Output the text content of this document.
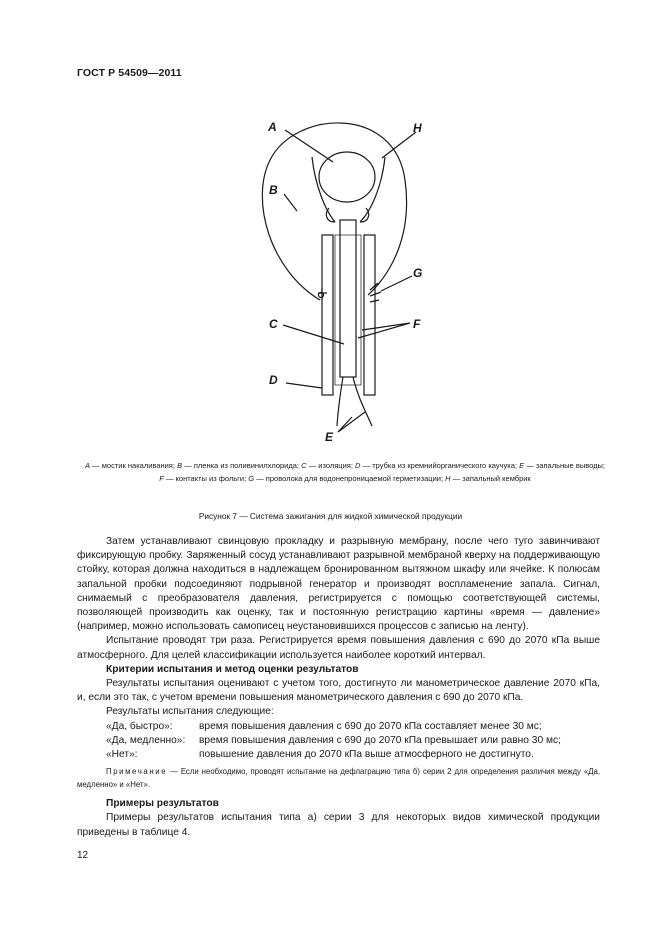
ГОСТ Р 54509—2011
A	H
B
G
C	F
D
E
A — мостик накаливания; B — пленка из поливинилхлорида; C — изоляция; D — трубка из кремнийорганического каучука; E — запальные выводы; F — контакты из фольги; G — проволока для водонепроницаемой герметизации; H — запальный кембрик
Рисунок 7 — Система зажигания для жидкой химической продукции

Затем устанавливают свинцовую прокладку и разрывную мембрану, после чего туго завинчивают фиксирующую пробку. Заряженный сосуд устанавливают разрывной мембраной кверху на поддерживающую стойку, которая должна находиться в надлежащем бронированном вытяжном шкафу или ячейке. К полюсам запальной пробки подсоединяют подрывной генератор и производят воспламенение запала. Сигнал, снимаемый с преобразователя давления, регистрируется с помощью соответствующей системы, позволяющей производить как оценку, так и постоянную регистрацию картины «время — давление» (например, можно использовать самописец неустановившихся процессов с записью на ленту).

Испытание проводят три раза. Регистрируется время повышения давления с 690 до 2070 кПа выше атмосферного. Для целей классификации используется наиболее короткий интервал.

Критерии испытания и метод оценки результатов

Результаты испытания оценивают с учетом того, достигнуто ли манометрическое давление 2070 кПа, и, если это так, с учетом времени повышения манометрического давления с 690 до 2070 кПа.

Результаты испытания следующие:

«Да, быстро»:	время повышения давления с 690 до 2070 кПа составляет менее 30 мс;
«Да, медленно»:	время повышения давления с 690 до 2070 кПа превышает или равно 30 мс;
«Нет»:	повышение давления до 2070 кПа выше атмосферного не достигнуто.

Примечание — Если необходимо, проводят испытание на дефлаграцию типа б) серии 2 для определения различия между «Да, медленно» и «Нет».

Примеры результатов

Примеры результатов испытания типа а) серии 3 для некоторых видов химической продукции приведены в таблице 4.

12
